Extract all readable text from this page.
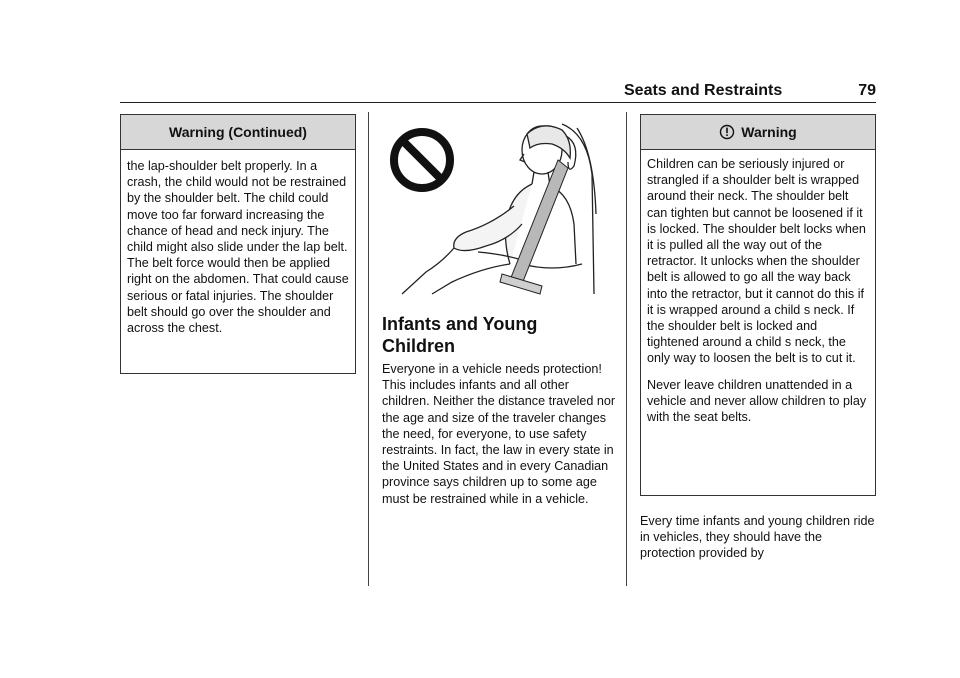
Seats and Restraints	79
Warning (Continued)

the lap-shoulder belt properly. In a crash, the child would not be restrained by the shoulder belt. The child could move too far forward increasing the chance of head and neck injury. The child might also slide under the lap belt. The belt force would then be applied right on the abdomen. That could cause serious or fatal injuries. The shoulder belt should go over the shoulder and across the chest.	Infants and Young Children
Everyone in a vehicle needs protection! This includes infants and all other children. Neither the distance traveled nor the age and size of the traveler changes the need, for everyone, to use safety restraints. In fact, the law in every state in the United States and in every Canadian province says children up to some age must be restrained while in a vehicle.
Warning

Children can be seriously injured or strangled if a shoulder belt is wrapped around their neck. The shoulder belt can tighten but cannot be loosened if it is locked. The shoulder belt locks when it is pulled all the way out of the retractor. It unlocks when the shoulder belt is allowed to go all the way back into the retractor, but it cannot do this if it is wrapped around a child s neck. If the shoulder belt is locked and tightened around a child s neck, the only way to loosen the belt is to cut it.

Never leave children unattended in a vehicle and never allow children to play with the seat belts.

Every time infants and young children ride in vehicles, they should have the protection provided by
